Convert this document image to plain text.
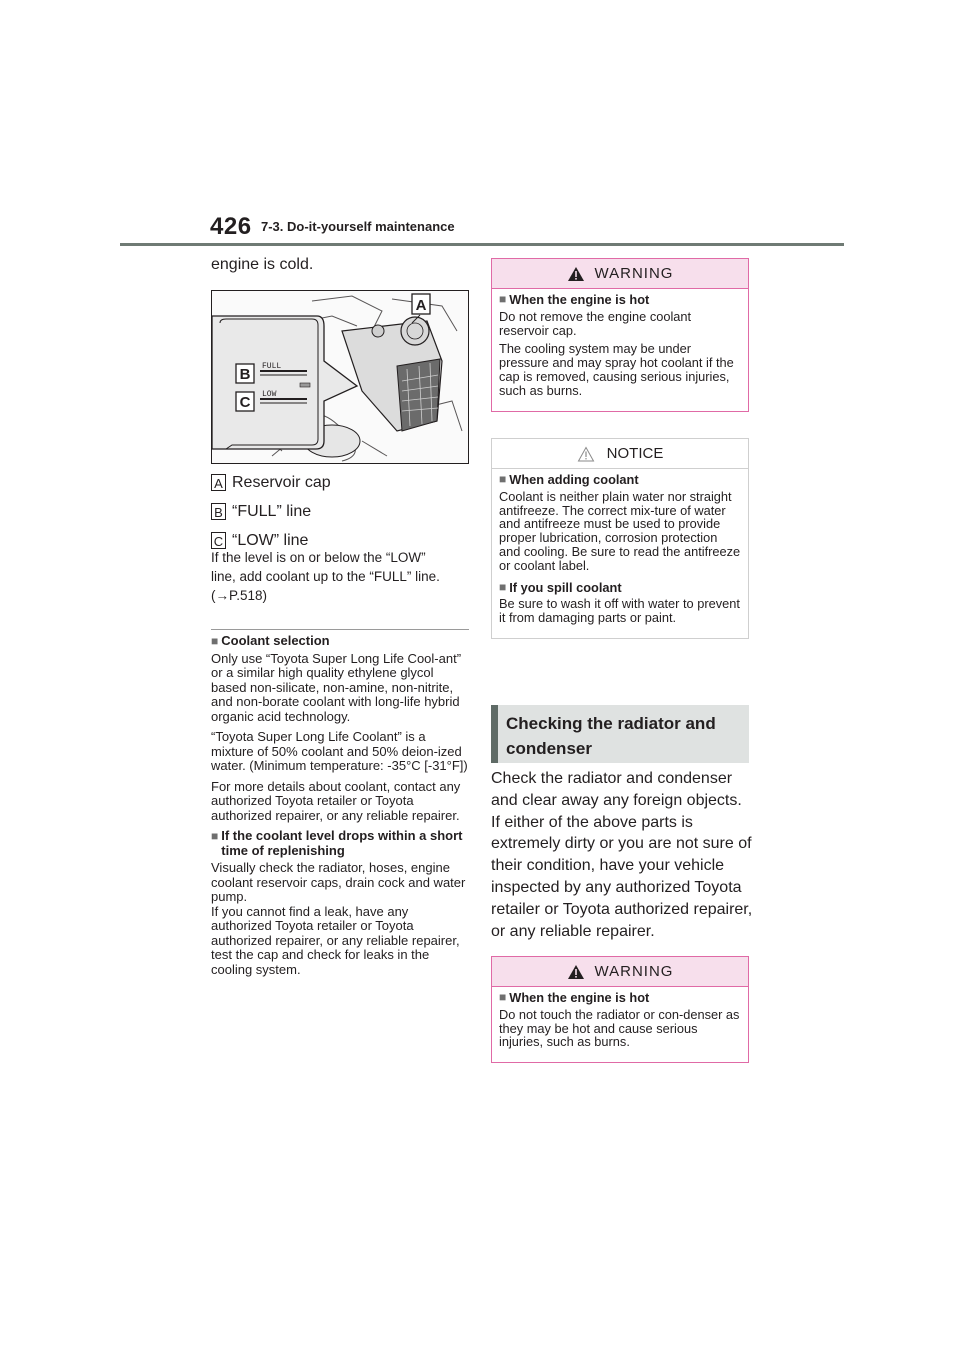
426 7-3. Do-it-yourself maintenance
engine is cold.
A
B
C
FULL
LOW
A Reservoir cap
B “FULL” line
C “LOW” line
If the level is on or below the “LOW”
line, add coolant up to the “FULL” line.
(→P.518)
■ Coolant selection

Only use “Toyota Super Long Life Cool-ant” or a similar high quality ethylene glycol based non-silicate, non-amine, non-nitrite, and non-borate coolant with long-life hybrid organic acid technology.

“Toyota Super Long Life Coolant” is a mixture of 50% coolant and 50% deion-ized water. (Minimum temperature: -35°C [-31°F])

For more details about coolant, contact any authorized Toyota retailer or Toyota authorized repairer, or any reliable repairer.

■ If the coolant level drops within a short time of replenishing
Visually check the radiator, hoses, engine coolant reservoir caps, drain cock and water pump.
If you cannot find a leak, have any authorized Toyota retailer or Toyota authorized repairer, or any reliable repairer, test the cap and check for leaks in the cooling system.
WARNING
■ When the engine is hot

Do not remove the engine coolant reservoir cap.

The cooling system may be under pressure and may spray hot coolant if the cap is removed, causing serious injuries, such as burns.

NOTICE
■ When adding coolant

Coolant is neither plain water nor straight antifreeze. The correct mix-ture of water and antifreeze must be used to provide proper lubrication, corrosion protection and cooling. Be sure to read the antifreeze or coolant label.

■ If you spill coolant

Be sure to wash it off with water to prevent it from damaging parts or paint.

Checking the radiator and condenser
Check the radiator and condenser and clear away any foreign objects. If either of the above parts is extremely dirty or you are not sure of their condition, have your vehicle inspected by any authorized Toyota retailer or Toyota authorized repairer, or any reliable repairer.
WARNING
■ When the engine is hot

Do not touch the radiator or con-denser as they may be hot and cause serious injuries, such as burns.
